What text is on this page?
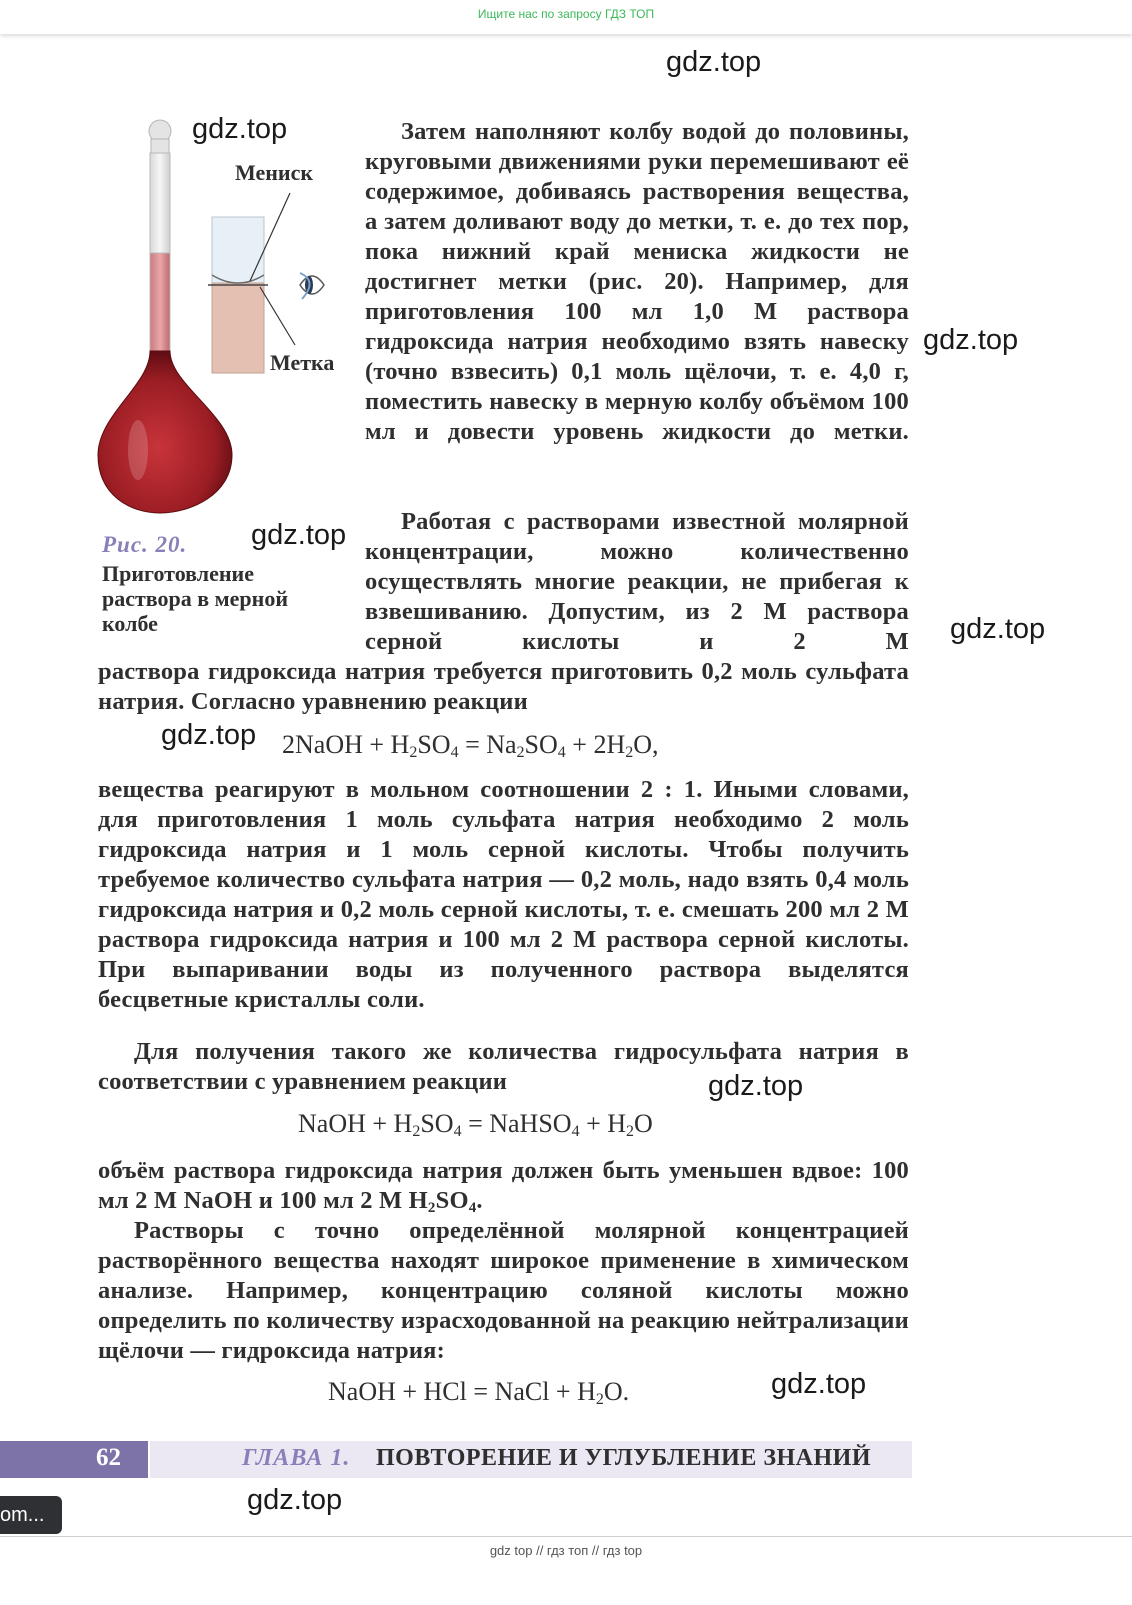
Ищите нас по запросу ГДЗ ТОП
gdz.top
gdz.top
gdz.top
gdz.top
gdz.top
gdz.top
gdz.top
gdz.top
gdz.top
Мениск
Метка
Рис. 20.
Приготовление раствора в мерной колбе
Затем наполняют колбу водой до половины, круговыми движениями руки перемешивают её содержимое, добиваясь растворения вещества, а затем доливают воду до метки, т. е. до тех пор, пока нижний край мениска жидкости не достигнет метки (рис. 20). Например, для приготовления 100 мл 1,0 М раствора гидроксида натрия необходимо взять навеску (точно взвесить) 0,1 моль щёлочи, т. е. 4,0 г, поместить навеску в мерную колбу объёмом 100 мл и довести уровень жидкости до метки.
Работая с растворами известной молярной концентрации, можно количественно осуществлять многие реакции, не прибегая к взвешиванию. Допустим, из 2 М раствора серной кислоты и 2 М
раствора гидроксида натрия требуется приготовить 0,2 моль сульфата натрия. Согласно уравнению реакции
2NaOH + $H_2SO_4 = Na_2SO_4 + 2H_2O$,
вещества реагируют в мольном соотношении 2 : 1. Иными словами, для приготовления 1 моль сульфата натрия необходимо 2 моль гидроксида натрия и 1 моль серной кислоты. Чтобы получить требуемое количество сульфата натрия — 0,2 моль, надо взять 0,4 моль гидроксида натрия и 0,2 моль серной кислоты, т. е. смешать 200 мл 2 М раствора гидроксида натрия и 100 мл 2 М раствора серной кислоты. При выпаривании воды из полученного раствора выделятся бесцветные кристаллы соли.
Для получения такого же количества гидросульфата натрия в соответствии с уравнением реакции
NaOH + $H_2SO_4$ = NaHSO$_4$ + $H_2O$
объём раствора гидроксида натрия должен быть уменьшен вдвое: 100 мл 2 М NaOH и 100 мл 2 М $H_2SO_4$.
Растворы с точно определённой молярной концентрацией растворённого вещества находят широкое применение в химическом анализе. Например, концентрацию соляной кислоты можно определить по количеству израсходованной на реакцию нейтрализации щёлочи — гидроксида натрия:
NaOH + HCl = NaCl + $H_2O$.
62	ГЛАВА 1. ПОВТОРЕНИЕ И УГЛУБЛЕНИЕ ЗНАНИЙ
om...
gdz top // гдз топ // гдз top
